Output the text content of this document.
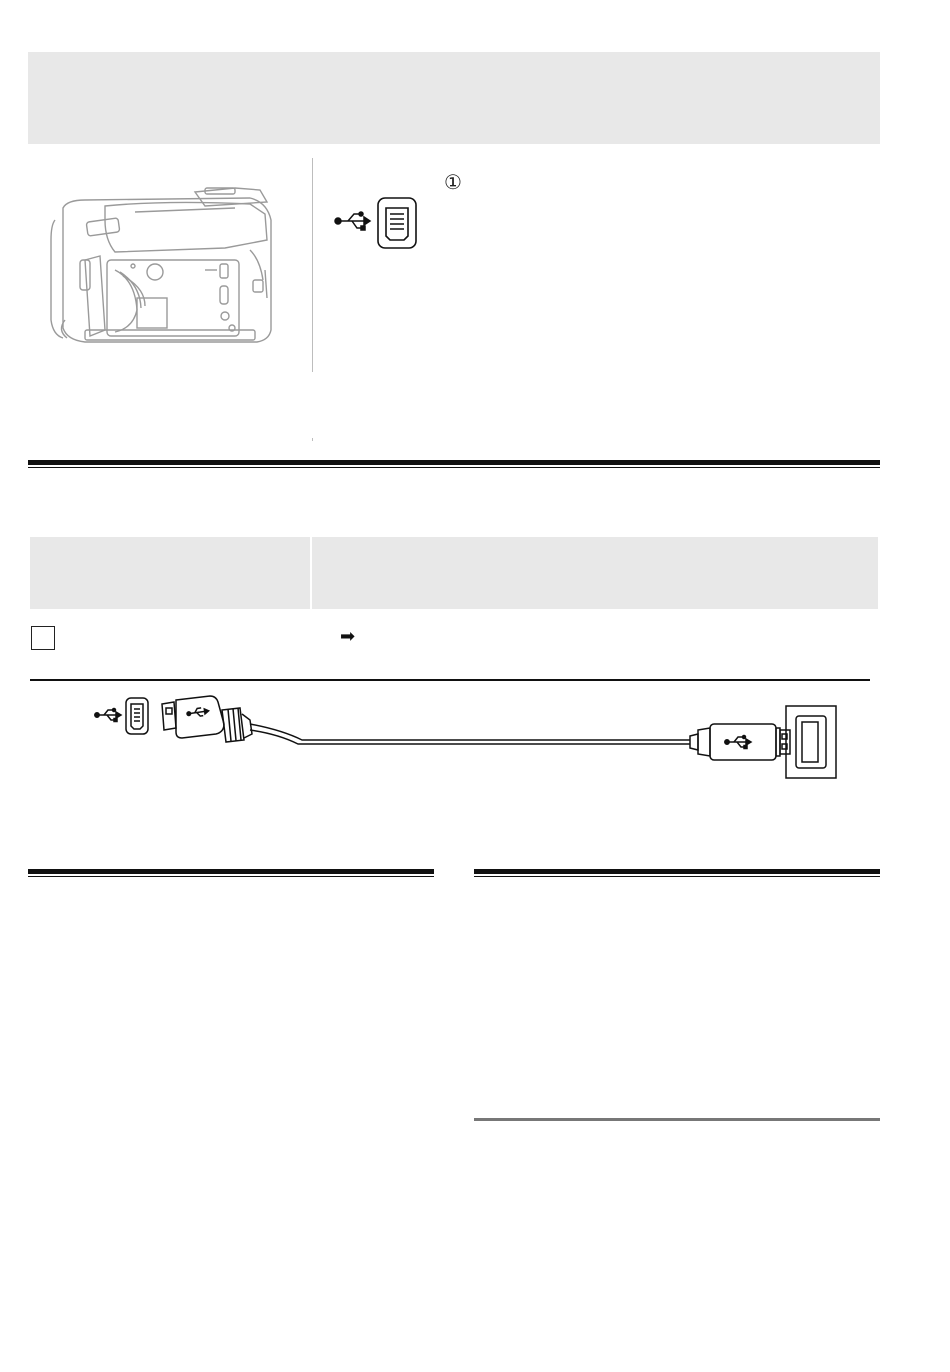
①
➡
